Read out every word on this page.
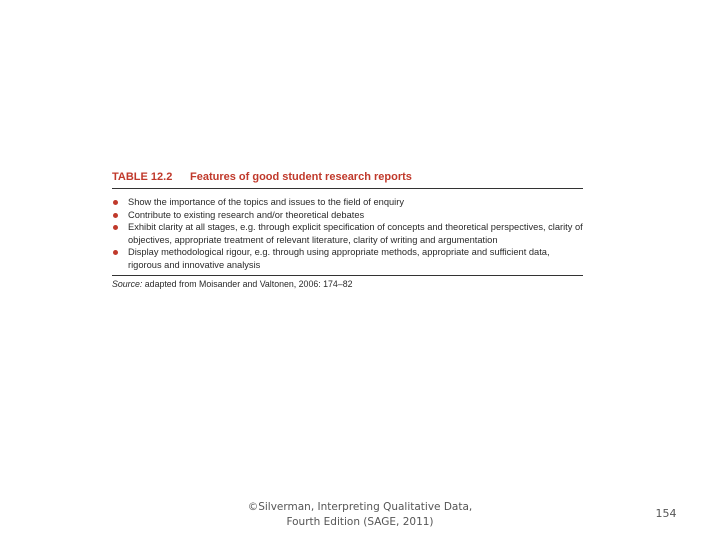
TABLE 12.2 Features of good student research reports
Show the importance of the topics and issues to the field of enquiry
Contribute to existing research and/or theoretical debates
Exhibit clarity at all stages, e.g. through explicit specification of concepts and theoretical perspectives, clarity of objectives, appropriate treatment of relevant literature, clarity of writing and argumentation
Display methodological rigour, e.g. through using appropriate methods, appropriate and sufficient data, rigorous and innovative analysis
Source: adapted from Moisander and Valtonen, 2006: 174–82
©Silverman, Interpreting Qualitative Data,
Fourth Edition (SAGE, 2011)
154
